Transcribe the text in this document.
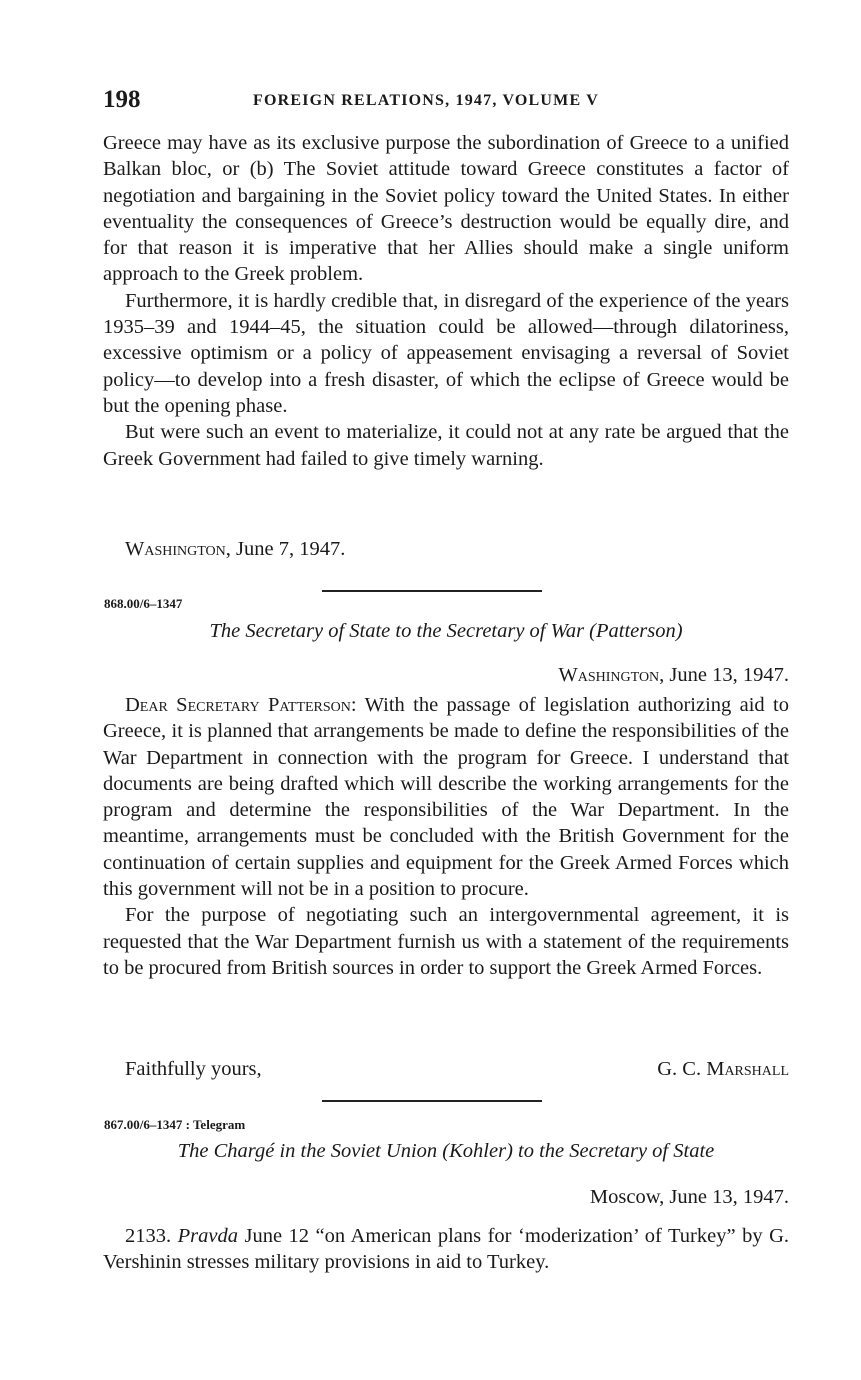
198	FOREIGN RELATIONS, 1947, VOLUME V

Greece may have as its exclusive purpose the subordination of Greece to a unified Balkan bloc, or (b) The Soviet attitude toward Greece constitutes a factor of negotiation and bargaining in the Soviet policy toward the United States. In either eventuality the consequences of Greece’s destruction would be equally dire, and for that reason it is imperative that her Allies should make a single uniform approach to the Greek problem.

Furthermore, it is hardly credible that, in disregard of the experience of the years 1935–39 and 1944–45, the situation could be allowed—through dilatoriness, excessive optimism or a policy of appeasement envisaging a reversal of Soviet policy—to develop into a fresh disaster, of which the eclipse of Greece would be but the opening phase.

But were such an event to materialize, it could not at any rate be argued that the Greek Government had failed to give timely warning.

Washington, June 7, 1947.
868.00/6–1347
The Secretary of State to the Secretary of War (Patterson)
Washington, June 13, 1947.

Dear Secretary Patterson: With the passage of legislation authorizing aid to Greece, it is planned that arrangements be made to define the responsibilities of the War Department in connection with the program for Greece. I understand that documents are being drafted which will describe the working arrangements for the program and determine the responsibilities of the War Department. In the meantime, arrangements must be concluded with the British Government for the continuation of certain supplies and equipment for the Greek Armed Forces which this government will not be in a position to procure.

For the purpose of negotiating such an intergovernmental agreement, it is requested that the War Department furnish us with a statement of the requirements to be procured from British sources in order to support the Greek Armed Forces.

Faithfully yours,	G. C. Marshall
867.00/6–1347 : Telegram
The Chargé in the Soviet Union (Kohler) to the Secretary of State
Moscow, June 13, 1947.

2133. Pravda June 12 “on American plans for ‘moderization’ of Turkey” by G. Vershinin stresses military provisions in aid to Turkey.
